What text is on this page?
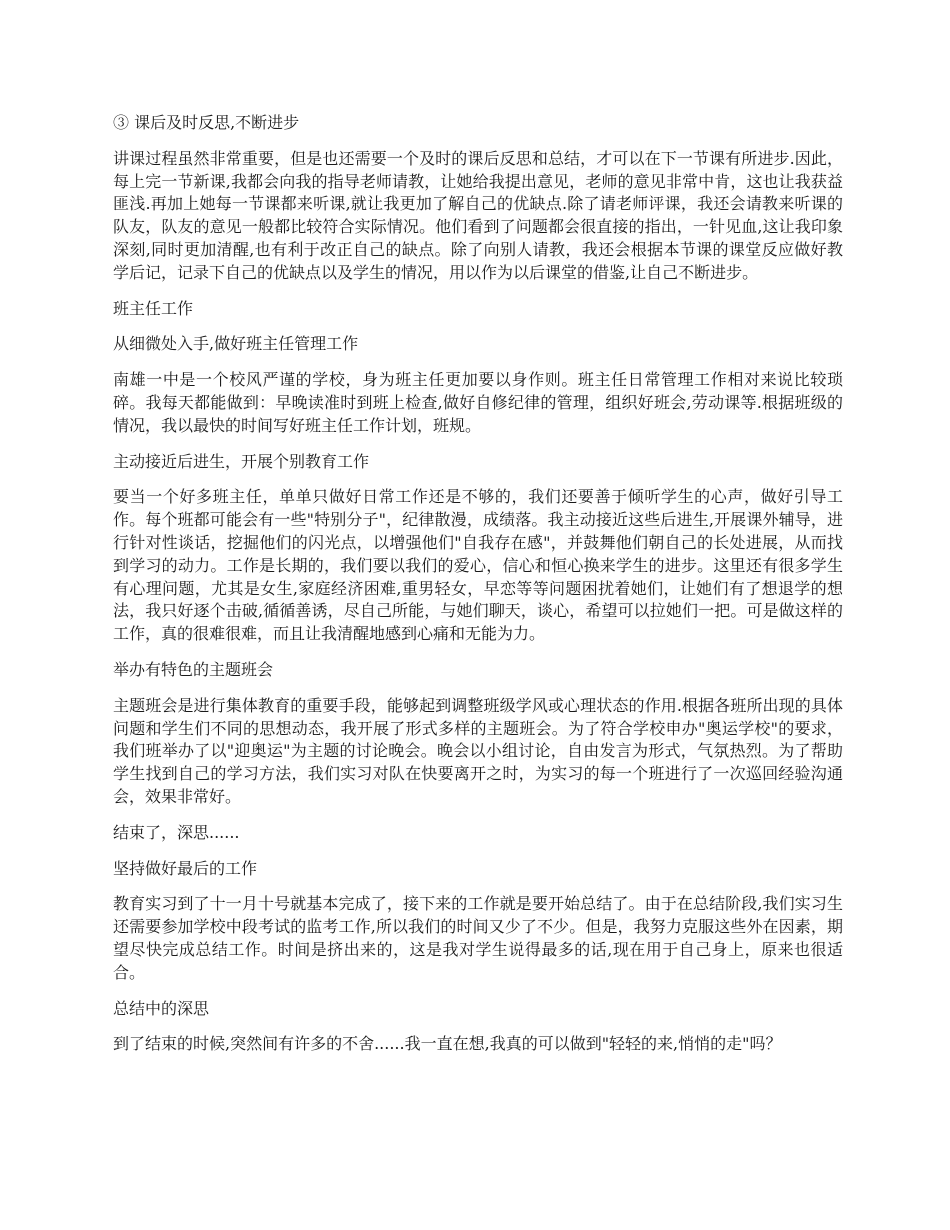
③ 课后及时反思,不断进步

讲课过程虽然非常重要，但是也还需要一个及时的课后反思和总结，才可以在下一节课有所进步.因此，每上完一节新课,我都会向我的指导老师请教，让她给我提出意见，老师的意见非常中肯，这也让我获益匪浅.再加上她每一节课都来听课,就让我更加了解自己的优缺点.除了请老师评课，我还会请教来听课的队友，队友的意见一般都比较符合实际情况。他们看到了问题都会很直接的指出，一针见血,这让我印象深刻,同时更加清醒,也有利于改正自己的缺点。除了向别人请教，我还会根据本节课的课堂反应做好教学后记，记录下自己的优缺点以及学生的情况，用以作为以后课堂的借鉴,让自己不断进步。

班主任工作

从细微处入手,做好班主任管理工作

南雄一中是一个校风严谨的学校，身为班主任更加要以身作则。班主任日常管理工作相对来说比较琐碎。我每天都能做到：早晚读准时到班上检查,做好自修纪律的管理，组织好班会,劳动课等.根据班级的情况，我以最快的时间写好班主任工作计划，班规。

主动接近后进生，开展个别教育工作

要当一个好多班主任，单单只做好日常工作还是不够的，我们还要善于倾听学生的心声，做好引导工作。每个班都可能会有一些"特别分子"，纪律散漫，成绩落。我主动接近这些后进生,开展课外辅导，进行针对性谈话，挖掘他们的闪光点，以增强他们"自我存在感"，并鼓舞他们朝自己的长处进展，从而找到学习的动力。工作是长期的，我们要以我们的爱心，信心和恒心换来学生的进步。这里还有很多学生有心理问题，尤其是女生,家庭经济困难,重男轻女，早恋等等问题困扰着她们，让她们有了想退学的想法，我只好逐个击破,循循善诱，尽自己所能，与她们聊天，谈心，希望可以拉她们一把。可是做这样的工作，真的很难很难，而且让我清醒地感到心痛和无能为力。

举办有特色的主题班会

主题班会是进行集体教育的重要手段，能够起到调整班级学风或心理状态的作用.根据各班所出现的具体问题和学生们不同的思想动态，我开展了形式多样的主题班会。为了符合学校申办"奥运学校"的要求，我们班举办了以"迎奥运"为主题的讨论晚会。晚会以小组讨论，自由发言为形式，气氛热烈。为了帮助学生找到自己的学习方法，我们实习对队在快要离开之时，为实习的每一个班进行了一次巡回经验沟通会，效果非常好。

结束了，深思......

坚持做好最后的工作

教育实习到了十一月十号就基本完成了，接下来的工作就是要开始总结了。由于在总结阶段,我们实习生还需要参加学校中段考试的监考工作,所以我们的时间又少了不少。但是，我努力克服这些外在因素，期望尽快完成总结工作。时间是挤出来的，这是我对学生说得最多的话,现在用于自己身上，原来也很适合。

总结中的深思

到了结束的时候,突然间有许多的不舍......我一直在想,我真的可以做到"轻轻的来,悄悄的走"吗？
